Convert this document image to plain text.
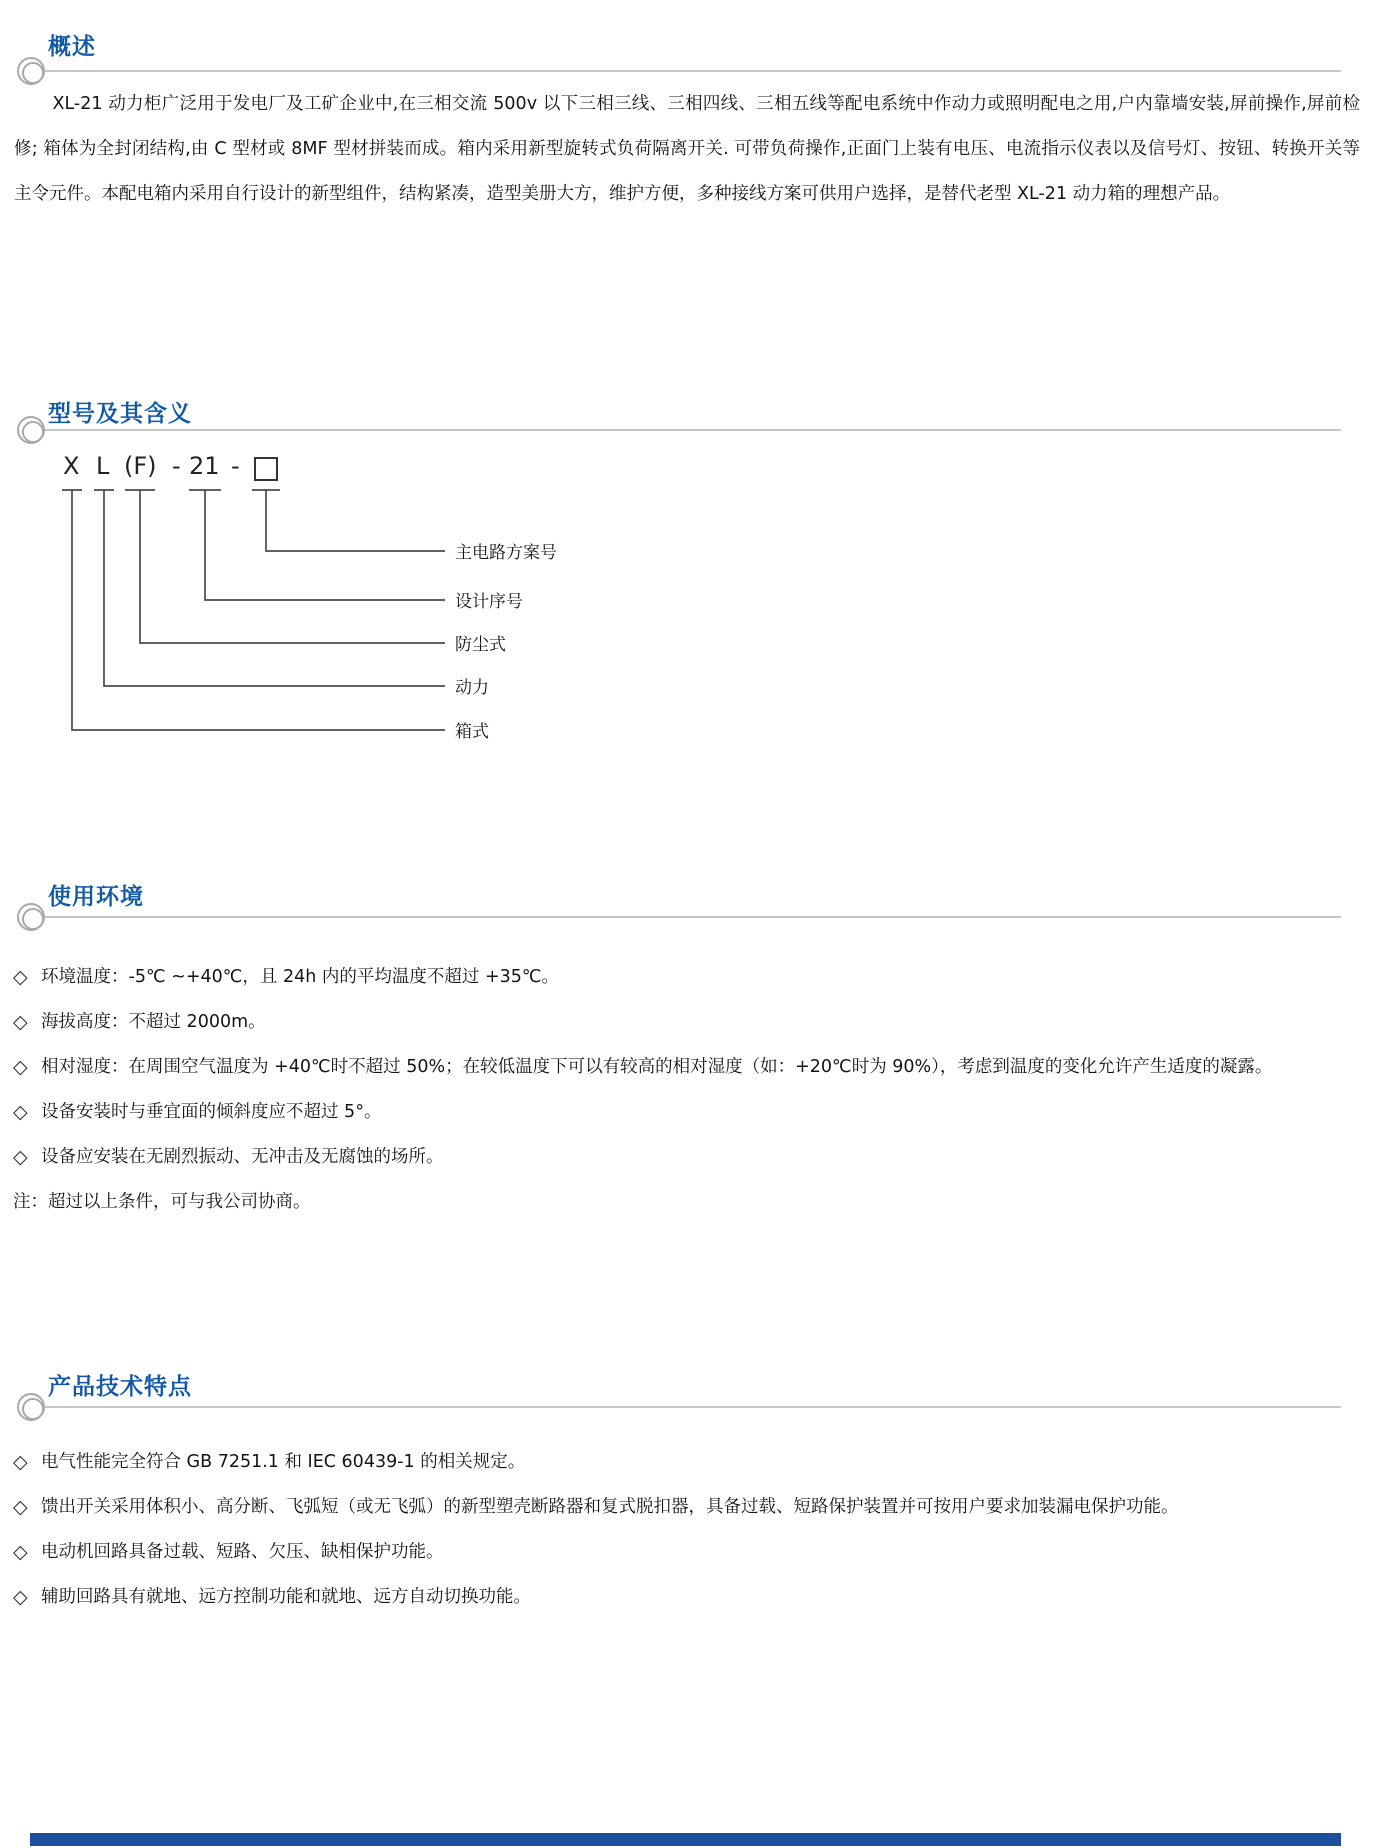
概述
XL-21 动力柜广泛用于发电厂及工矿企业中,在三相交流 500v 以下三相三线、三相四线、三相五线等配电系统中作动力或照明配电之用,户内靠墙安装,屏前操作,屏前检修; 箱体为全封闭结构,由 C 型材或 8MF 型材拼装而成。箱内采用新型旋转式负荷隔离开关. 可带负荷操作,正面门上装有电压、电流指示仪表以及信号灯、按钮、转换开关等主令元件。本配电箱内采用自行设计的新型组件，结构紧凑，造型美册大方，维护方便，多种接线方案可供用户选择，是替代老型 XL-21 动力箱的理想产品。
型号及其含义
X L (F) - 21 -
主电路方案号
设计序号
防尘式
动力
箱式
使用环境
◇ 环境温度：-5℃ ~+40℃，且 24h 内的平均温度不超过 +35℃。
◇ 海拔高度：不超过 2000m。
◇ 相对湿度：在周围空气温度为 +40℃时不超过 50%；在较低温度下可以有较高的相对湿度（如：+20℃时为 90%），考虑到温度的变化允许产生适度的凝露。
◇ 设备安装时与垂宜面的倾斜度应不超过 5°。
◇ 设备应安装在无剧烈振动、无冲击及无腐蚀的场所。
注：超过以上条件，可与我公司协商。
产品技术特点
◇ 电气性能完全符合 GB 7251.1 和 IEC 60439-1 的相关规定。
◇ 馈出开关采用体积小、高分断、飞弧短（或无飞弧）的新型塑壳断路器和复式脱扣器，具备过载、短路保护装置并可按用户要求加装漏电保护功能。
◇ 电动机回路具备过载、短路、欠压、缺相保护功能。
◇ 辅助回路具有就地、远方控制功能和就地、远方自动切换功能。
